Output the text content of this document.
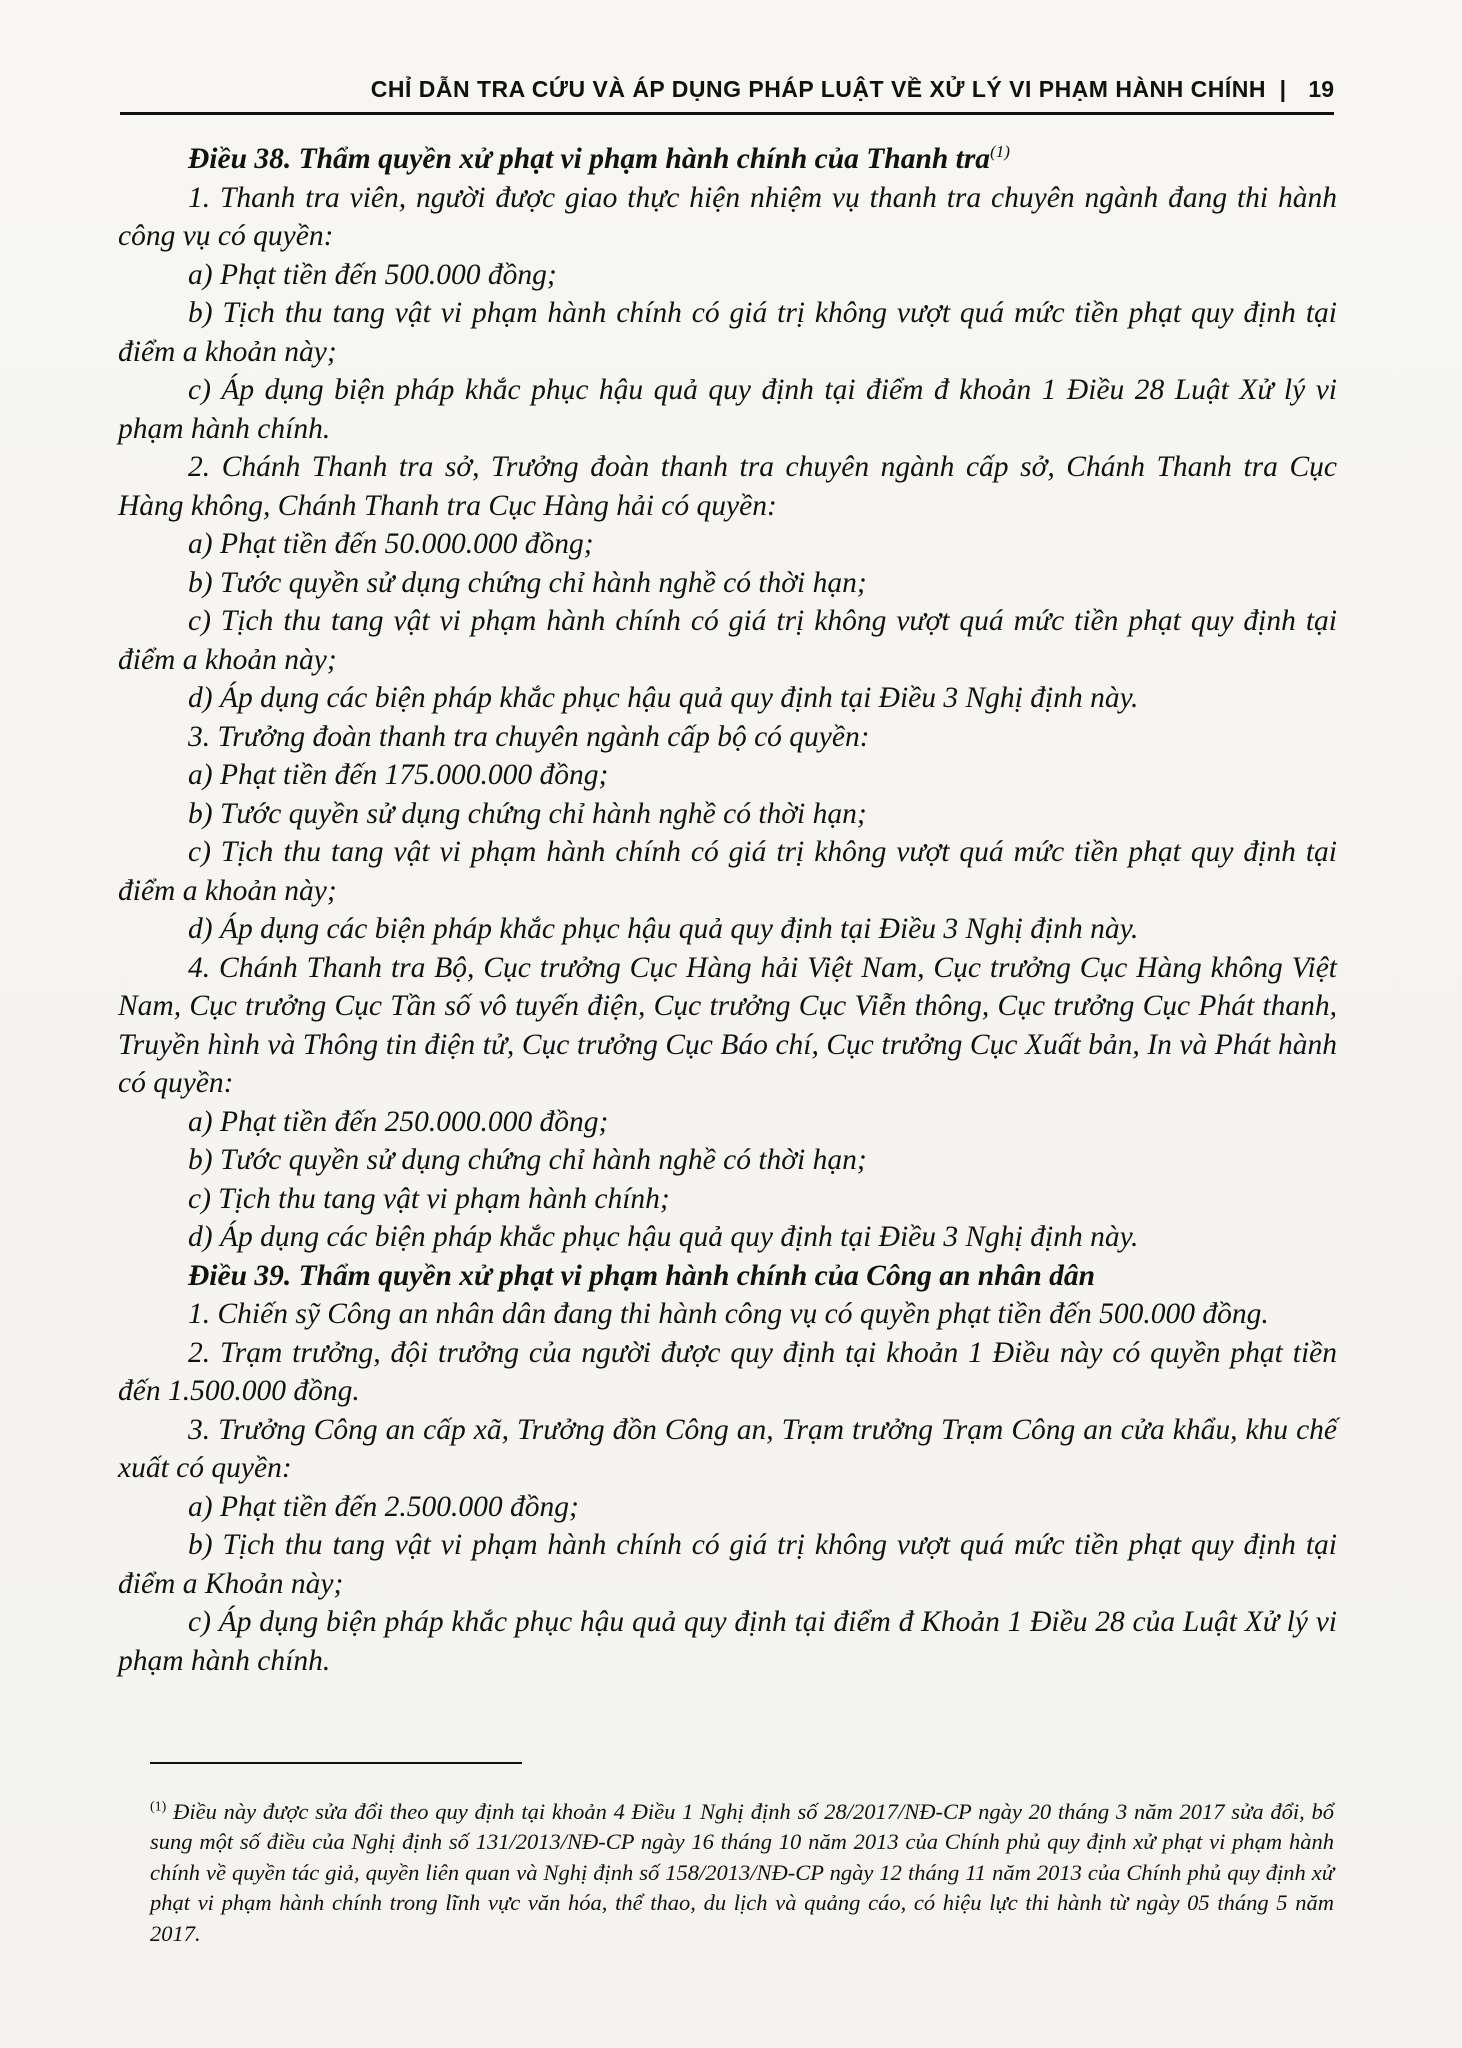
CHỈ DẪN TRA CỨU VÀ ÁP DỤNG PHÁP LUẬT VỀ XỬ LÝ VI PHẠM HÀNH CHÍNH | 19

Điều 38. Thẩm quyền xử phạt vi phạm hành chính của Thanh tra$^{(1)}$

1. Thanh tra viên, người được giao thực hiện nhiệm vụ thanh tra chuyên ngành đang thi hành công vụ có quyền:

a) Phạt tiền đến 500.000 đồng;

b) Tịch thu tang vật vi phạm hành chính có giá trị không vượt quá mức tiền phạt quy định tại điểm a khoản này;

c) Áp dụng biện pháp khắc phục hậu quả quy định tại điểm đ khoản 1 Điều 28 Luật Xử lý vi phạm hành chính.

2. Chánh Thanh tra sở, Trưởng đoàn thanh tra chuyên ngành cấp sở, Chánh Thanh tra Cục Hàng không, Chánh Thanh tra Cục Hàng hải có quyền:

a) Phạt tiền đến 50.000.000 đồng;

b) Tước quyền sử dụng chứng chỉ hành nghề có thời hạn;

c) Tịch thu tang vật vi phạm hành chính có giá trị không vượt quá mức tiền phạt quy định tại điểm a khoản này;

d) Áp dụng các biện pháp khắc phục hậu quả quy định tại Điều 3 Nghị định này.

3. Trưởng đoàn thanh tra chuyên ngành cấp bộ có quyền:

a) Phạt tiền đến 175.000.000 đồng;

b) Tước quyền sử dụng chứng chỉ hành nghề có thời hạn;

c) Tịch thu tang vật vi phạm hành chính có giá trị không vượt quá mức tiền phạt quy định tại điểm a khoản này;

d) Áp dụng các biện pháp khắc phục hậu quả quy định tại Điều 3 Nghị định này.

4. Chánh Thanh tra Bộ, Cục trưởng Cục Hàng hải Việt Nam, Cục trưởng Cục Hàng không Việt Nam, Cục trưởng Cục Tần số vô tuyến điện, Cục trưởng Cục Viễn thông, Cục trưởng Cục Phát thanh, Truyền hình và Thông tin điện tử, Cục trưởng Cục Báo chí, Cục trưởng Cục Xuất bản, In và Phát hành có quyền:

a) Phạt tiền đến 250.000.000 đồng;

b) Tước quyền sử dụng chứng chỉ hành nghề có thời hạn;

c) Tịch thu tang vật vi phạm hành chính;

d) Áp dụng các biện pháp khắc phục hậu quả quy định tại Điều 3 Nghị định này.

Điều 39. Thẩm quyền xử phạt vi phạm hành chính của Công an nhân dân

1. Chiến sỹ Công an nhân dân đang thi hành công vụ có quyền phạt tiền đến 500.000 đồng.

2. Trạm trưởng, đội trưởng của người được quy định tại khoản 1 Điều này có quyền phạt tiền đến 1.500.000 đồng.

3. Trưởng Công an cấp xã, Trưởng đồn Công an, Trạm trưởng Trạm Công an cửa khẩu, khu chế xuất có quyền:

a) Phạt tiền đến 2.500.000 đồng;

b) Tịch thu tang vật vi phạm hành chính có giá trị không vượt quá mức tiền phạt quy định tại điểm a Khoản này;

c) Áp dụng biện pháp khắc phục hậu quả quy định tại điểm đ Khoản 1 Điều 28 của Luật Xử lý vi phạm hành chính.

$^{(1)}$ Điều này được sửa đổi theo quy định tại khoản 4 Điều 1 Nghị định số 28/2017/NĐ-CP ngày 20 tháng 3 năm 2017 sửa đổi, bổ sung một số điều của Nghị định số 131/2013/NĐ-CP ngày 16 tháng 10 năm 2013 của Chính phủ quy định xử phạt vi phạm hành chính về quyền tác giả, quyền liên quan và Nghị định số 158/2013/NĐ-CP ngày 12 tháng 11 năm 2013 của Chính phủ quy định xử phạt vi phạm hành chính trong lĩnh vực văn hóa, thể thao, du lịch và quảng cáo, có hiệu lực thi hành từ ngày 05 tháng 5 năm 2017.
